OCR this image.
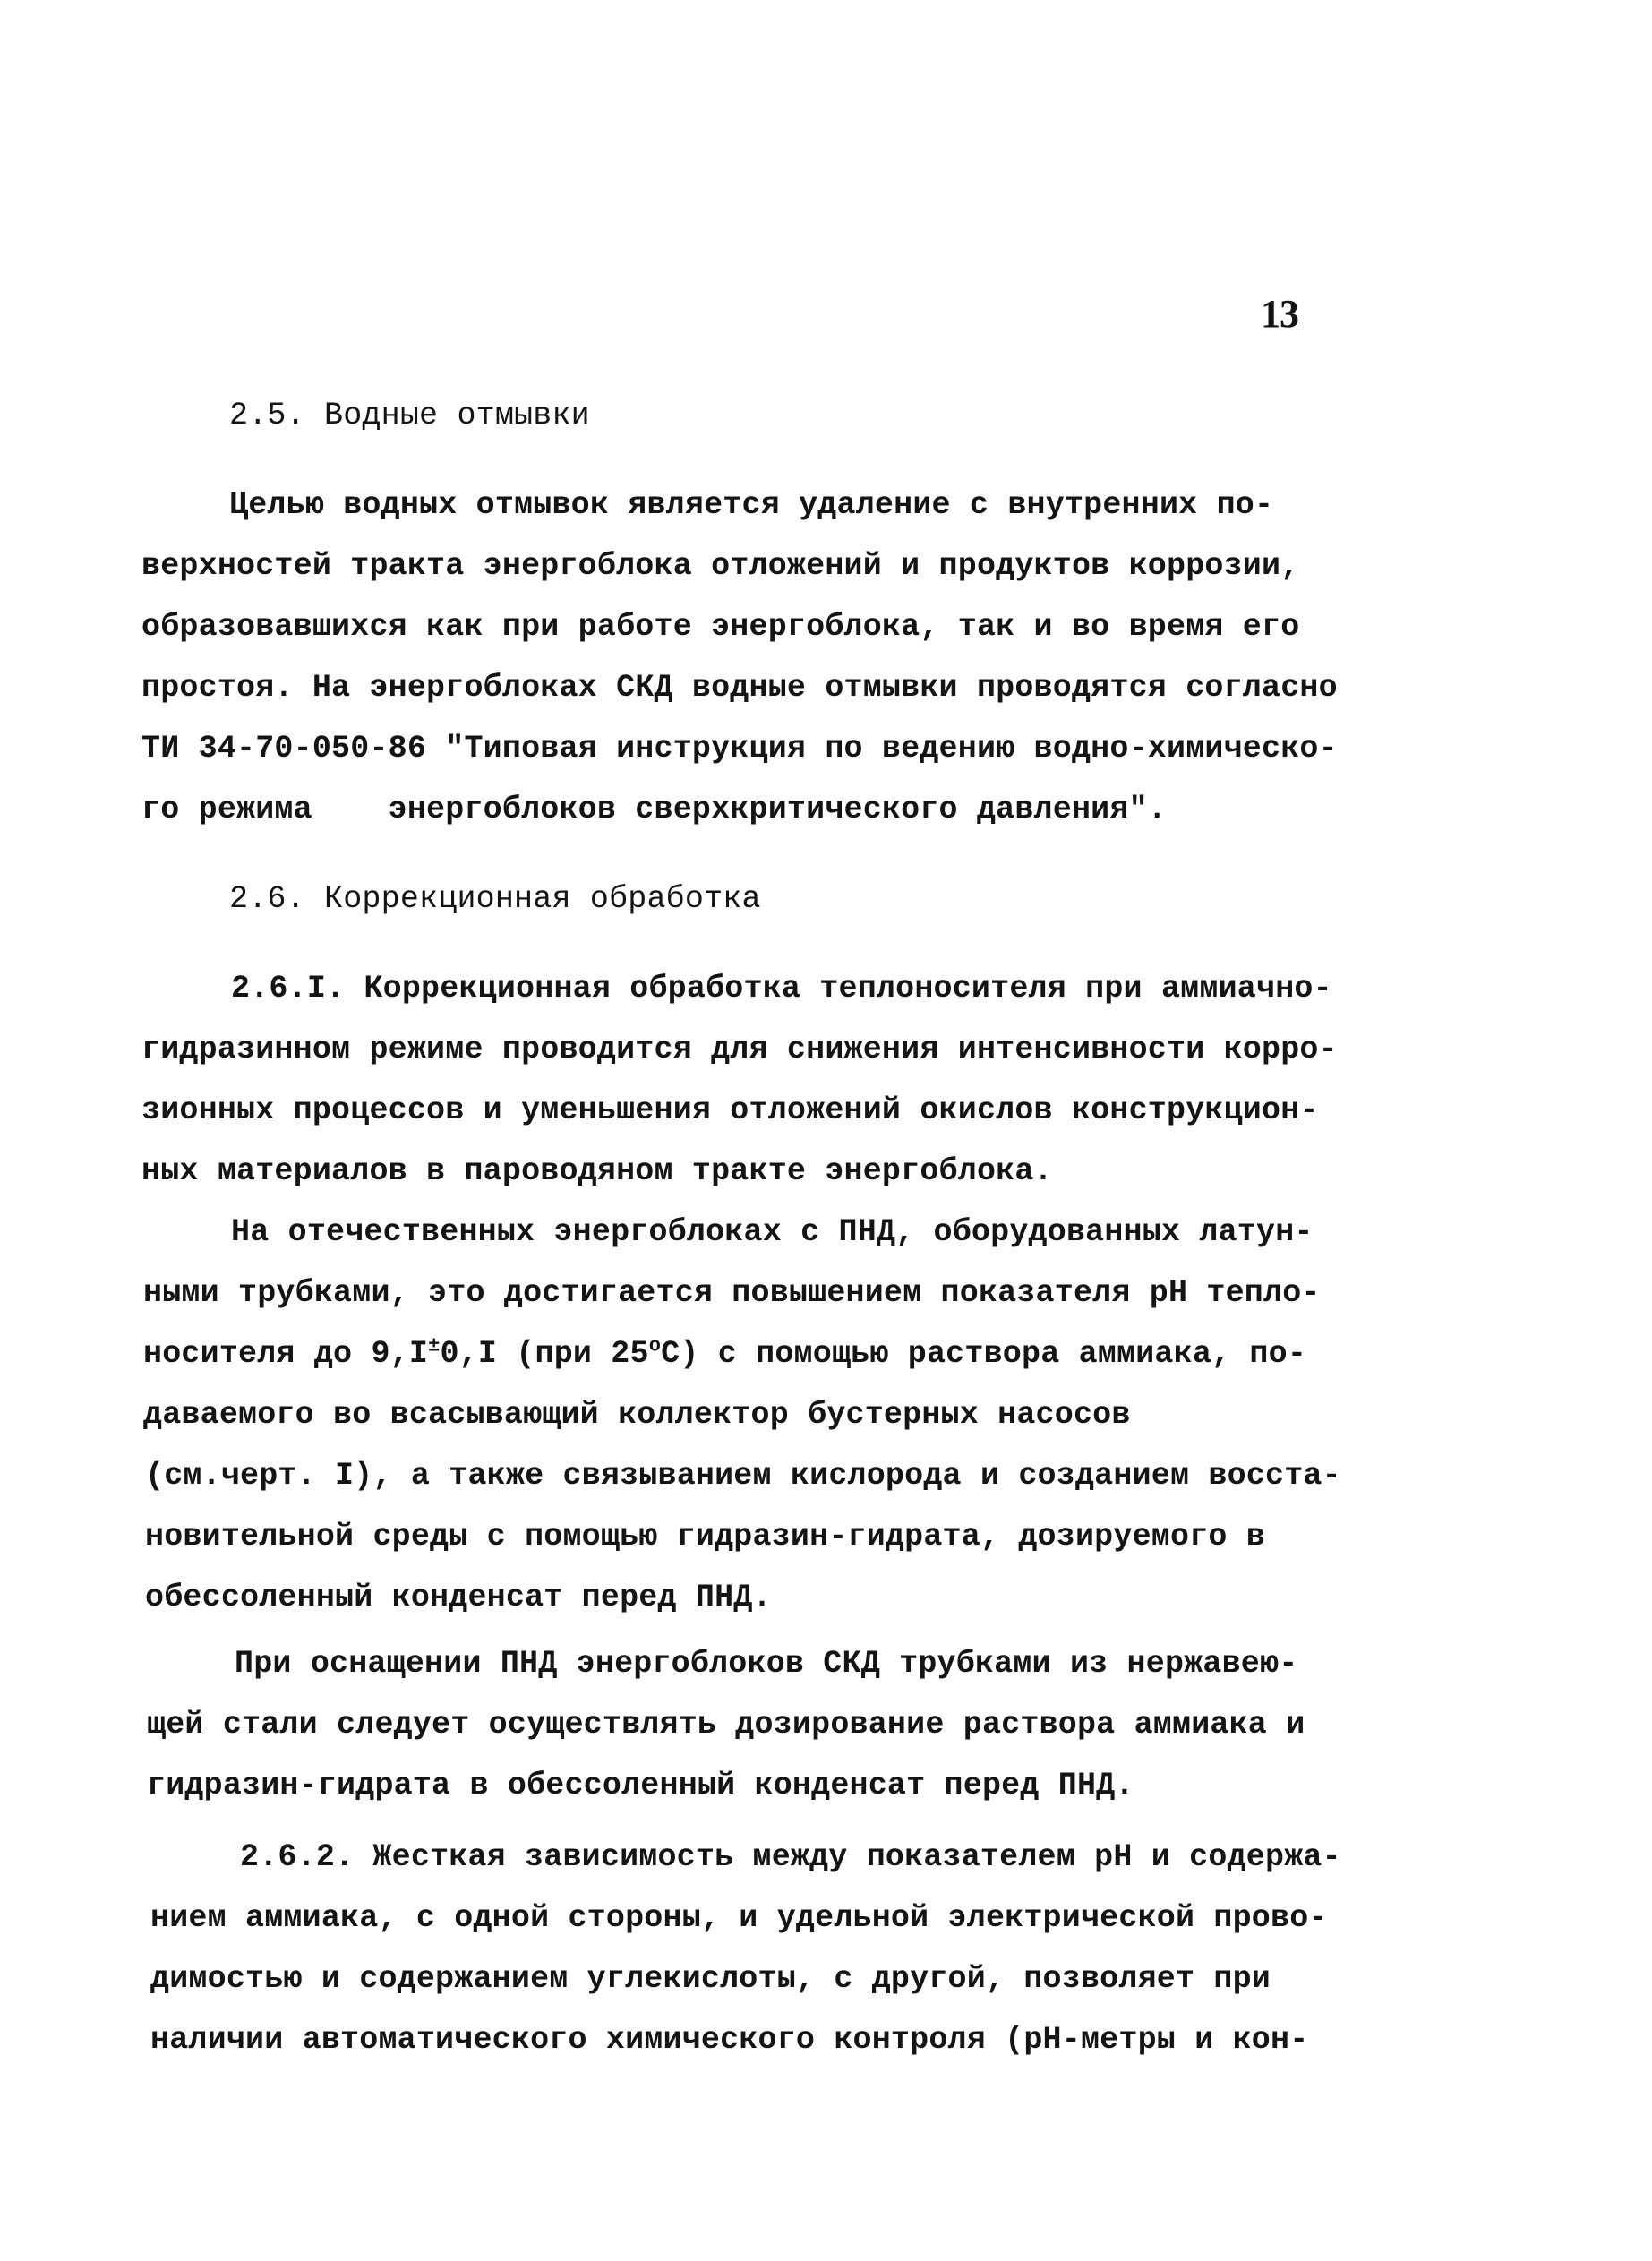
13
2.5. Водные отмывки
Целью водных отмывок является удаление с внутренних по-
верхностей тракта энергоблока отложений и продуктов коррозии,
образовавшихся как при работе энергоблока, так и во время его
простоя. На энергоблоках СКД водные отмывки проводятся согласно
ТИ 34-70-050-86 "Типовая инструкция по ведению водно-химическо-
го режима    энергоблоков сверхкритического давления".
2.6. Коррекционная обработка
2.6.I. Коррекционная обработка теплоносителя при аммиачно-
гидразинном режиме проводится для снижения интенсивности корро-
зионных процессов и уменьшения отложений окислов конструкцион-
ных материалов в пароводяном тракте энергоблока.
На отечественных энергоблоках с ПНД, оборудованных латун-
ными трубками, это достигается повышением показателя pH тепло-
носителя до 9,I±0,I (при $25^оС$) с помощью раствора аммиака, по-
даваемого во всасывающий коллектор бустерных насосов
(см.черт. I), а также связыванием кислорода и созданием восста-
новительной среды с помощью гидразин-гидрата, дозируемого в
обессоленный конденсат перед ПНД.
При оснащении ПНД энергоблоков СКД трубками из нержавею-
щей стали следует осуществлять дозирование раствора аммиака и
гидразин-гидрата в обессоленный конденсат перед ПНД.
2.6.2. Жесткая зависимость между показателем pH и содержа-
нием аммиака, с одной стороны, и удельной электрической прово-
димостью и содержанием углекислоты, с другой, позволяет при
наличии автоматического химического контроля (pH-метры и кон-
